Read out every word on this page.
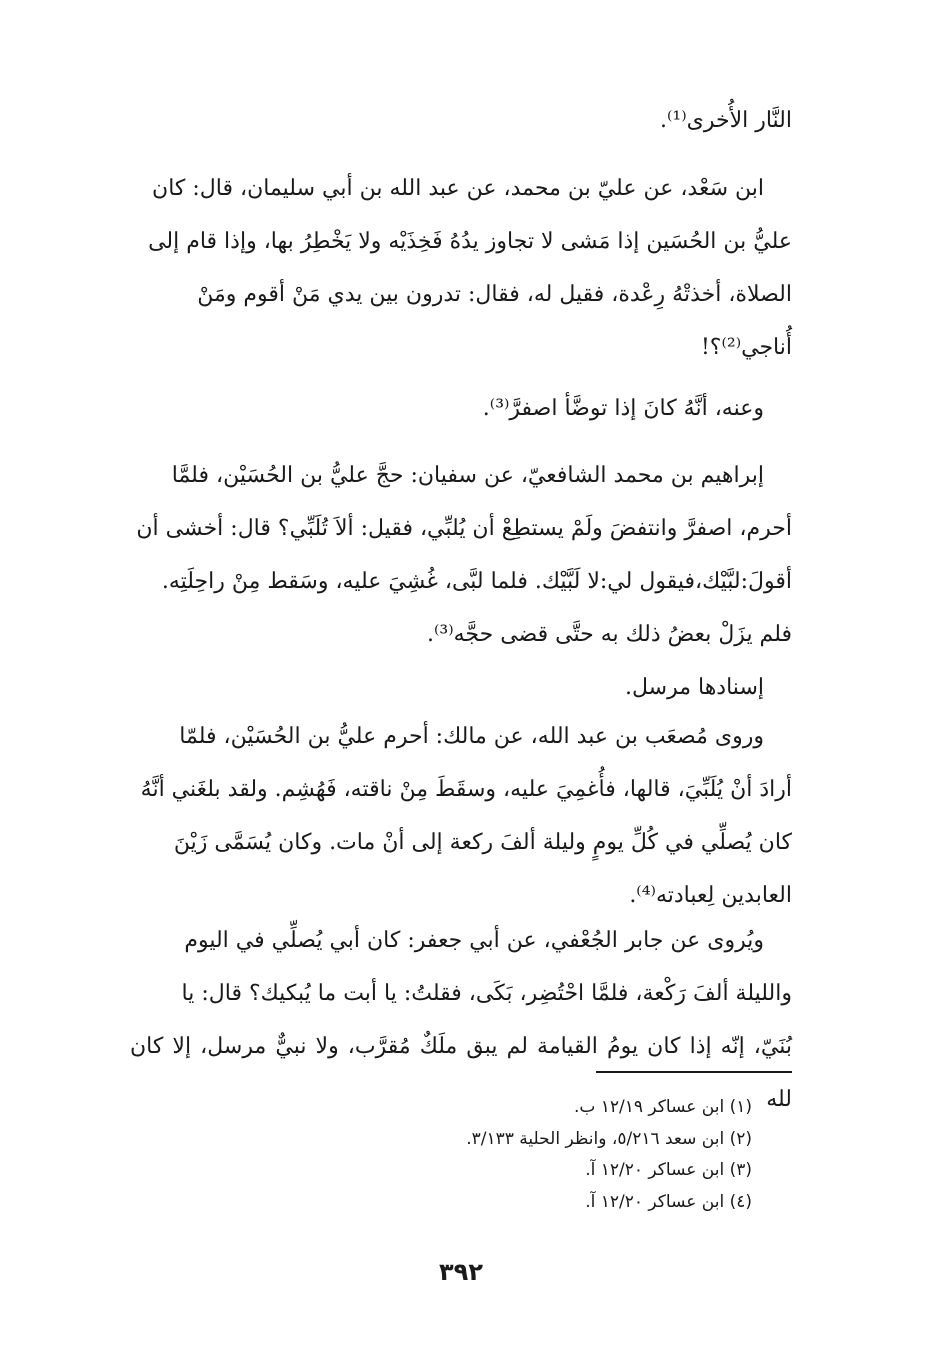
النَّار الأُخرى⁽¹⁾.

ابن سَعْد، عن عليّ بن محمد، عن عبد الله بن أبي سليمان، قال: كان

عليُّ بن الحُسَين إذا مَشى لا تجاوز يدُهُ فَخِذَيْه ولا يَخْطِرُ بها، وإذا قام إلى

الصلاة، أخذتْهُ رِعْدة، فقيل له، فقال: تدرون بين يدي مَنْ أقوم ومَنْ

أُناجي⁽²⁾؟!

وعنه، أنَّهُ كانَ إذا توضَّأ اصفرَّ⁽³⁾.

إبراهيم بن محمد الشافعيّ، عن سفيان: حجَّ عليُّ بن الحُسَيْن، فلمَّا

أحرم، اصفرَّ وانتفضَ ولَمْ يستطِعْ أن يُلبِّي، فقيل: ألاَ تُلَبِّي؟ قال: أخشى أن

أقولَ:لبَّيْك،فيقول لي:لا لَبَّيْك. فلما لبَّى، غُشِيَ عليه، وسَقط مِنْ راحِلَتِه.

فلم يزَلْ بعضُ ذلك به حتَّى قضى حجَّه⁽³⁾.

إسنادها مرسل.

وروى مُصعَب بن عبد الله، عن مالك: أحرم عليُّ بن الحُسَيْن، فلمّا

أرادَ أنْ يُلَبِّيَ، قالها، فأُغمِيَ عليه، وسقَطَ مِنْ ناقته، فَهُشِم. ولقد بلغَني أنَّهُ

كان يُصلِّي في كُلِّ يومٍ وليلة ألفَ ركعة إلى أنْ مات. وكان يُسَمَّى زَيْنَ

العابدين لِعبادته⁽⁴⁾.

ويُروى عن جابر الجُعْفي، عن أبي جعفر: كان أبي يُصلِّي في اليوم

والليلة ألفَ رَكْعة، فلمَّا احْتُضِر، بَكَى، فقلتُ: يا أبت ما يُبكيك؟ قال: يا

بُنَيّ، إنّه إذا كان يومُ القيامة لم يبق ملَكٌ مُقرَّب، ولا نبيٌّ مرسل، إلا كان لله

(١) ابن عساكر ١٢/١٩ ب.
(٢) ابن سعد ٥/٢١٦، وانظر الحلية ٣/١٣٣.
(٣) ابن عساكر ١٢/٢٠ آ.
(٤) ابن عساكر ١٢/٢٠ آ.
٣٩٢
